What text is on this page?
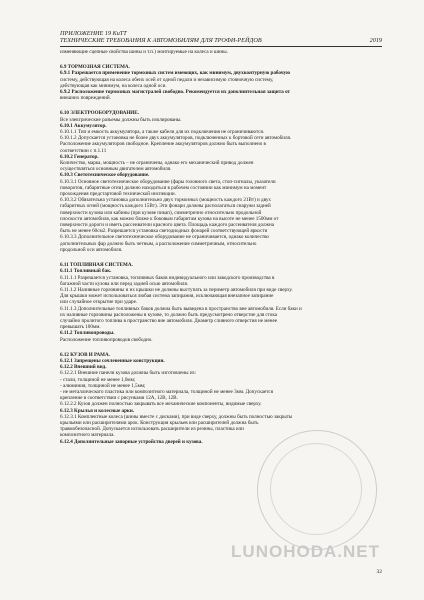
ПРИЛОЖЕНИЕ 19 КиТТ
ТЕХНИЧЕСКИЕ ТРЕБОВАНИЯ К АВТОМОБИЛЯМ ДЛЯ ТРОФИ-РЕЙДОВ	2019
изменяющие сцепные свойства шины и т.п.) монтируемые на колеса и шины.
6.9 ТОРМОЗНАЯ СИСТЕМА.
6.9.1 Разрешается применение тормозных систем имеющих, как минимум, двухконтурную рабочую
систему, действующая на колеса обеих осей от одной педали и независимую стояночную систему,
действующая как минимум, на колеса одной оси.
6.9.2 Расположение тормозных магистралей свободно. Рекомендуется их дополнительная защита от
внешних повреждений.
6.10 ЭЛЕКТРООБОРУДОВАНИЕ.
Все электрические разъемы должны быть изолированы.
6.10.1 Аккумулятор.
6.10.1.1 Тип и емкость аккумулятора, а также кабели для их подключения не ограничиваются.
6.10.1.2 Допускается установка не более двух аккумуляторов, подключенных к бортовой сети автомобиля.
Расположение аккумуляторов свободное. Крепление аккумуляторов должно быть выполнено в
соответствии с п.1.11
6.10.2 Генератор.
Количество, марка, мощность – не ограничены, однако его механический привод должен
осуществляться основным двигателем автомобиля.
6.10.3 Светотехническое оборудование.
6.10.3.1 Основное светотехническое оборудование (фары головного света, стоп-сигналы, указатели
поворотов, габаритные огни) должно находиться в рабочем состоянии как минимум на момент
прохождения предстартовой технической инспекции.
6.10.3.2 Обязательна установка дополнительно двух тормозных (мощность каждого 21Вт) и двух
габаритных огней (мощность каждого 15Вт). Эти фонари должны располагаться снаружи задней
поверхности кузова или кабины (при кузове пикап), симметрично относительно продольной
плоскости автомобиля, как можно ближе к боковым габаритам кузова на высоте не менее 1500мм от
поверхности дороги и иметь рассеиватели красного цвета. Площадь каждого рассеивателя должна
быть не менее 60см2. Разрешается установка светодиодных фонарей соответствующей яркости
6.10.3.3 Дополнительное светотехническое оборудование не ограничивается, однако количество
дополнительных фар должно быть четным, а расположение симметричным, относительно
продольной оси автомобиля.
6.11 ТОПЛИВНАЯ СИСТЕМА.
6.11.1 Топливный бак.
6.11.1.1 Разрешается установка, топливных баков индивидуального или заводского производства в
багажной части кузова или перед задней осью автомобиля.
6.11.1.2 Наливные горловины и их крышки не должны выступать за периметр автомобиля при виде сверху.
Для крышки может использоваться любая система запирания, исключающая внезапное запирание
или случайное открытие при ударе.
6.11.1.3 Дополнительные топливных баков должна быть выведена в пространство вне автомобиля. Если баки и
их наливные горловины расположены в кузове, то должно быть предусмотрено отверстие для стока
случайно пролитого топлива в пространство вне автомобиля. Диаметр сливного отверстия не менее
превышать 100мм.
6.11.2 Топливопроводы.
Расположение топливопроводов свободно.
6.12 КУЗОВ И РАМА.
6.12.1 Запрещены сочлененные конструкции.
6.12.2 Внешний вид.
6.12.2.1 Внешние панели кузова должны быть изготовлены из:
- стали, толщиной не менее 1,0мм;
- алюминия, толщиной не менее 1,5мм;
- не металлического пластика или композитного материала, толщиной не менее 3мм. Допускается
крепление в соответствии с рисунками 12А, 12В, 12В.
6.12.2.2 Кузов должен полностью закрывать все механические компоненты, видимые сверху.
6.12.3 Крылья и колесные арки.
6.12.3.1 Комплектные колеса (шины вместе с дисками), при виде сверху, должны быть полностью закрыты
крыльями или расширителями арок. Конструкция крыльев или расширителей должна быть
травмобезопасной. Допускается использовать расширители из резины, пластика или
композитного материала.
6.12.4 Дополнительные запорные устройства дверей и кузова.
LUNOHODA.NET
32
